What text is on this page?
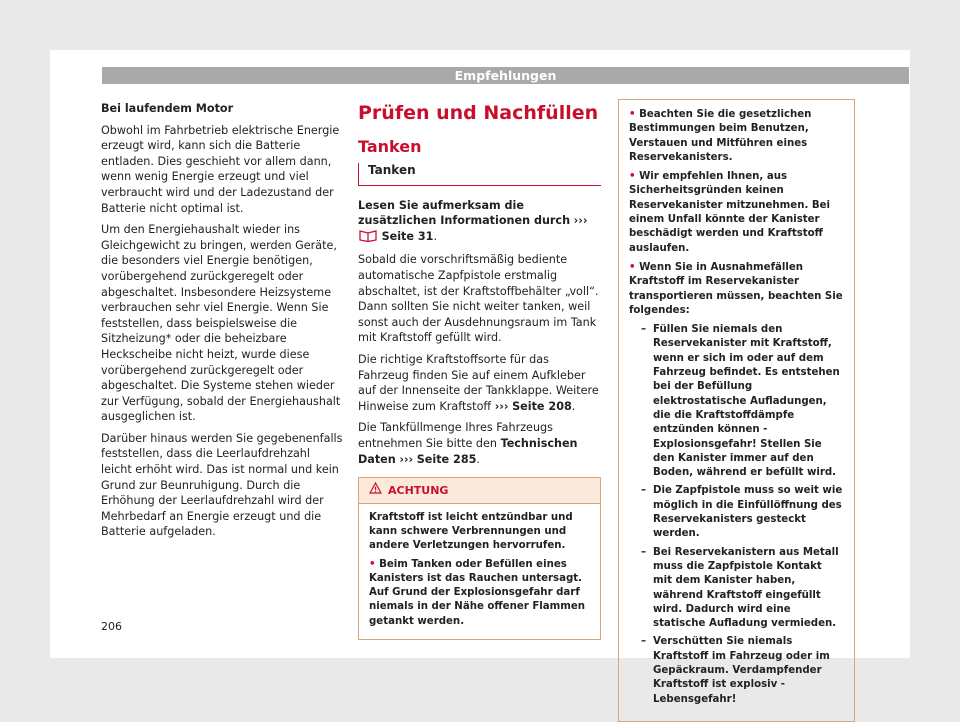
Empfehlungen

Bei laufendem Motor

Obwohl im Fahrbetrieb elektrische Energie erzeugt wird, kann sich die Batterie entladen. Dies geschieht vor allem dann, wenn wenig Energie erzeugt und viel verbraucht wird und der Ladezustand der Batterie nicht optimal ist.

Um den Energiehaushalt wieder ins Gleichgewicht zu bringen, werden Geräte, die besonders viel Energie benötigen, vorübergehend zurückgeregelt oder abgeschaltet. Insbesondere Heizsysteme verbrauchen sehr viel Energie. Wenn Sie feststellen, dass beispielsweise die Sitzheizung* oder die beheizbare Heckscheibe nicht heizt, wurde diese vorübergehend zurückgeregelt oder abgeschaltet. Die Systeme stehen wieder zur Verfügung, sobald der Energiehaushalt ausgeglichen ist.

Darüber hinaus werden Sie gegebenenfalls feststellen, dass die Leerlaufdrehzahl leicht erhöht wird. Das ist normal und kein Grund zur Beunruhigung. Durch die Erhöhung der Leerlaufdrehzahl wird der Mehrbedarf an Energie erzeugt und die Batterie aufgeladen.

Prüfen und Nachfüllen
Tanken
Tanken

Lesen Sie aufmerksam die zusätzlichen Informationen durch ›››  Seite 31.

Sobald die vorschriftsmäßig bediente automatische Zapfpistole erstmalig abschaltet, ist der Kraftstoffbehälter „voll“. Dann sollten Sie nicht weiter tanken, weil sonst auch der Ausdehnungsraum im Tank mit Kraftstoff gefüllt wird.

Die richtige Kraftstoffsorte für das Fahrzeug finden Sie auf einem Aufkleber auf der Innenseite der Tankklappe. Weitere Hinweise zum Kraftstoff ››› Seite 208.

Die Tankfüllmenge Ihres Fahrzeugs entnehmen Sie bitte den Technischen Daten ››› Seite 285.

ACHTUNG

Kraftstoff ist leicht entzündbar und kann schwere Verbrennungen und andere Verletzungen hervorrufen.

• Beim Tanken oder Befüllen eines Kanisters ist das Rauchen untersagt. Auf Grund der Explosionsgefahr darf niemals in der Nähe offener Flammen getankt werden.

• Beachten Sie die gesetzlichen Bestimmungen beim Benutzen, Verstauen und Mitführen eines Reservekanisters.
• Wir empfehlen Ihnen, aus Sicherheitsgründen keinen Reservekanister mitzunehmen. Bei einem Unfall könnte der Kanister beschädigt werden und Kraftstoff auslaufen.
• Wenn Sie in Ausnahmefällen Kraftstoff im Reservekanister transportieren müssen, beachten Sie folgendes:
– Füllen Sie niemals den Reservekanister mit Kraftstoff, wenn er sich im oder auf dem Fahrzeug befindet. Es entstehen bei der Befüllung elektrostatische Aufladungen, die die Kraftstoffdämpfe entzünden können - Explosionsgefahr! Stellen Sie den Kanister immer auf den Boden, während er befüllt wird.
– Die Zapfpistole muss so weit wie möglich in die Einfüllöffnung des Reservekanisters gesteckt werden.
– Bei Reservekanistern aus Metall muss die Zapfpistole Kontakt mit dem Kanister haben, während Kraftstoff eingefüllt wird. Dadurch wird eine statische Aufladung vermieden.
– Verschütten Sie niemals Kraftstoff im Fahrzeug oder im Gepäckraum. Verdampfender Kraftstoff ist explosiv - Lebensgefahr!
206
